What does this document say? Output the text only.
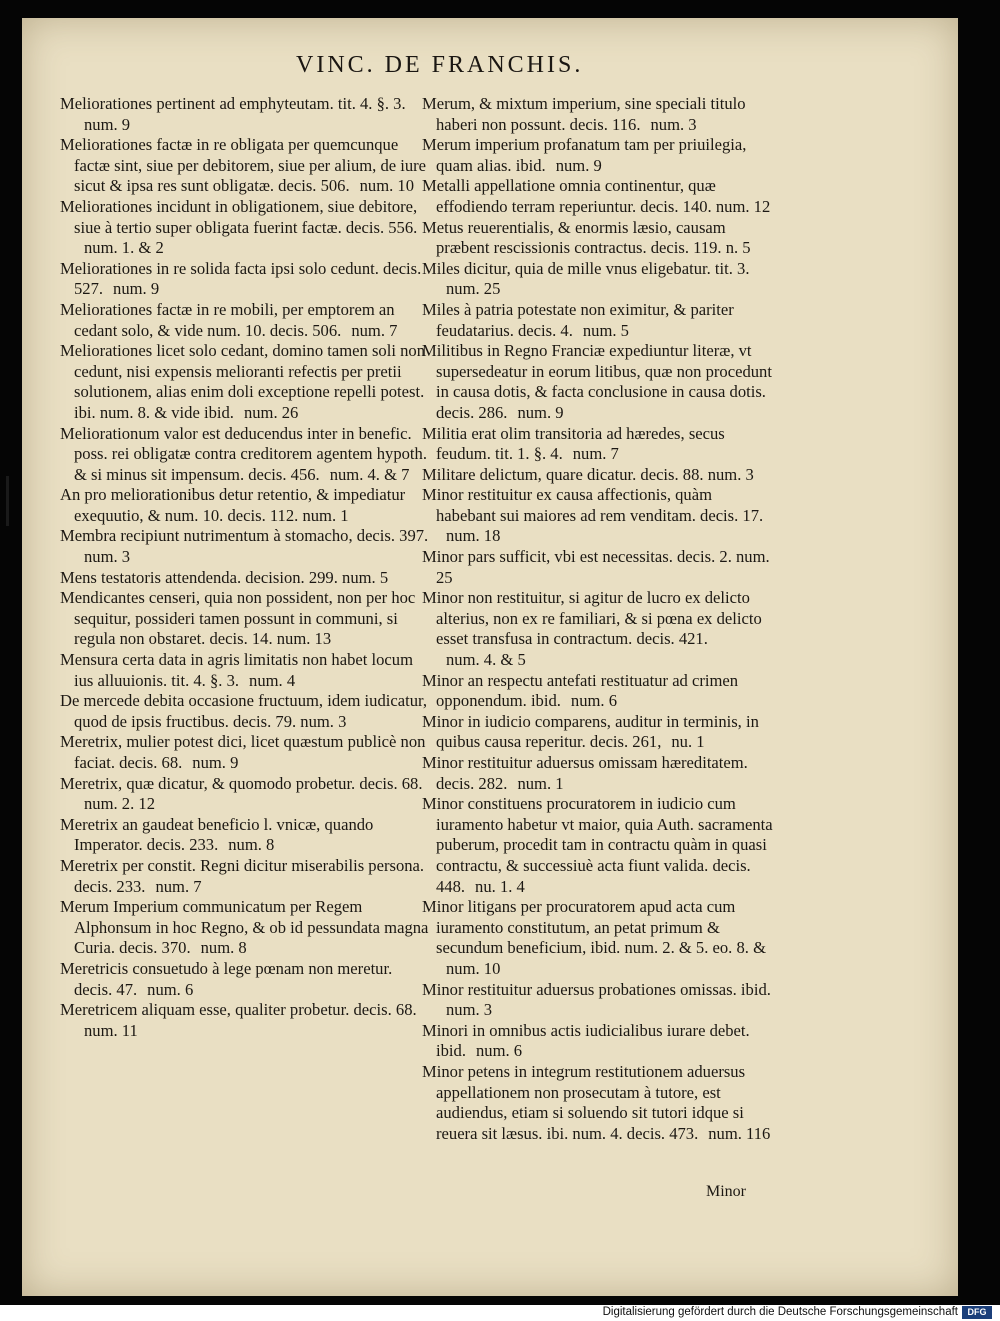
VINC. DE FRANCHIS.

Meliorationes pertinent ad emphyteutam. tit. 4. §. 3.num. 9

Meliorationes factæ in re obligata per quemcunque factæ sint, siue per debitorem, siue per alium, de iure sicut & ipsa res sunt obligatæ. decis. 506. num. 10

Meliorationes incidunt in obligationem, siue debitore, siue à tertio super obligata fuerint factæ. decis. 556.num. 1. & 2

Meliorationes in re solida facta ipsi solo cedunt. decis. 527. num. 9

Meliorationes factæ in re mobili, per emptorem an cedant solo, & vide num. 10. decis. 506. num. 7

Meliorationes licet solo cedant, domino tamen soli non cedunt, nisi expensis melioranti refectis per pretii solutionem, alias enim doli exceptione repelli potest. ibi. num. 8. & vide ibid. num. 26

Meliorationum valor est deducendus inter in benefic. poss. rei obligatæ contra creditorem agentem hypoth. & si minus sit impensum. decis. 456. num. 4. & 7

An pro meliorationibus detur retentio, & impediatur exequutio, & num. 10. decis. 112. num. 1

Membra recipiunt nutrimentum à stomacho, decis. 397.num. 3

Mens testatoris attendenda. decision. 299. num. 5

Mendicantes censeri, quia non possident, non per hoc sequitur, possideri tamen possunt in communi, si regula non obstaret. decis. 14. num. 13

Mensura certa data in agris limitatis non habet locum ius alluuionis. tit. 4. §. 3. num. 4

De mercede debita occasione fructuum, idem iudicatur, quod de ipsis fructibus. decis. 79. num. 3

Meretrix, mulier potest dici, licet quæstum publicè non faciat. decis. 68. num. 9

Meretrix, quæ dicatur, & quomodo probetur. decis. 68.num. 2. 12

Meretrix an gaudeat beneficio l. vnicæ, quando Imperator. decis. 233. num. 8

Meretrix per constit. Regni dicitur miserabilis persona. decis. 233. num. 7

Merum Imperium communicatum per Regem Alphonsum in hoc Regno, & ob id pessundata magna Curia. decis. 370. num. 8

Meretricis consuetudo à lege pœnam non meretur. decis. 47. num. 6

Meretricem aliquam esse, qualiter probetur. decis. 68.num. 11

Merum, & mixtum imperium, sine speciali titulo haberi non possunt. decis. 116. num. 3

Merum imperium profanatum tam per priuilegia, quam alias. ibid. num. 9

Metalli appellatione omnia continentur, quæ effodiendo terram reperiuntur. decis. 140. num. 12

Metus reuerentialis, & enormis læsio, causam præbent rescissionis contractus. decis. 119. n. 5

Miles dicitur, quia de mille vnus eligebatur. tit. 3.num. 25

Miles à patria potestate non eximitur, & pariter feudatarius. decis. 4. num. 5

Militibus in Regno Franciæ expediuntur literæ, vt supersedeatur in eorum litibus, quæ non procedunt in causa dotis, & facta conclusione in causa dotis. decis. 286. num. 9

Militia erat olim transitoria ad hæredes, secus feudum. tit. 1. §. 4. num. 7

Militare delictum, quare dicatur. decis. 88. num. 3

Minor restituitur ex causa affectionis, quàm habebant sui maiores ad rem venditam. decis. 17.num. 18

Minor pars sufficit, vbi est necessitas. decis. 2. num. 25

Minor non restituitur, si agitur de lucro ex delicto alterius, non ex re familiari, & si pœna ex delicto esset transfusa in contractum. decis. 421.num. 4. & 5

Minor an respectu antefati restituatur ad crimen opponendum. ibid. num. 6

Minor in iudicio comparens, auditur in terminis, in quibus causa reperitur. decis. 261, nu. 1

Minor restituitur aduersus omissam hæreditatem. decis. 282. num. 1

Minor constituens procuratorem in iudicio cum iuramento habetur vt maior, quia Auth. sacramenta puberum, procedit tam in contractu quàm in quasi contractu, & successiuè acta fiunt valida. decis. 448. nu. 1. 4

Minor litigans per procuratorem apud acta cum iuramento constitutum, an petat primum & secundum beneficium, ibid. num. 2. & 5. eo. 8. &num. 10

Minor restituitur aduersus probationes omissas. ibid.num. 3

Minori in omnibus actis iudicialibus iurare debet. ibid. num. 6

Minor petens in integrum restitutionem aduersus appellationem non prosecutam à tutore, est audiendus, etiam si soluendo sit tutori idque si reuera sit læsus. ibi. num. 4. decis. 473. num. 116

Minor
Digitalisierung gefördert durch die Deutsche Forschungsgemeinschaft	DFG
